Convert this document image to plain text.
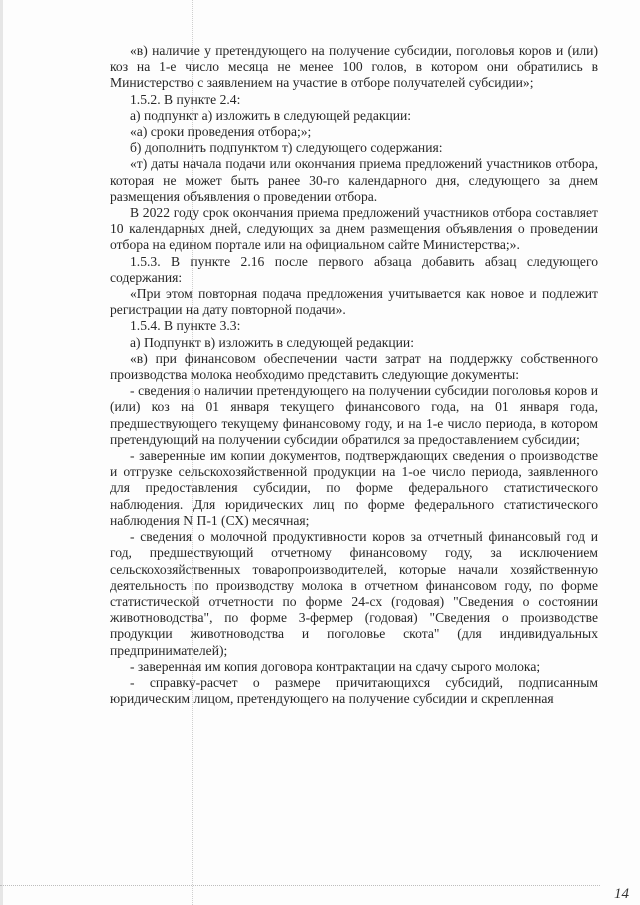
«в) наличие у претендующего на получение субсидии, поголовья коров и (или) коз на 1-е число месяца не менее 100 голов, в котором они обратились в Министерство с заявлением на участие в отборе получателей субсидии»;

1.5.2. В пункте 2.4:

а) подпункт а) изложить в следующей редакции:

«а) сроки проведения отбора;»;

б) дополнить подпунктом т) следующего содержания:

«т) даты начала подачи или окончания приема предложений участников отбора, которая не может быть ранее 30-го календарного дня, следующего за днем размещения объявления о проведении отбора.

В 2022 году срок окончания приема предложений участников отбора составляет 10 календарных дней, следующих за днем размещения объявления о проведении отбора на едином портале или на официальном сайте Министерства;».

1.5.3. В пункте 2.16 после первого абзаца добавить абзац следующего содержания:

«При этом повторная подача предложения учитывается как новое и подлежит регистрации на дату повторной подачи».

1.5.4. В пункте 3.3:

а) Подпункт в) изложить в следующей редакции:

«в) при финансовом обеспечении части затрат на поддержку собственного производства молока необходимо представить следующие документы:

- сведения о наличии претендующего на получении субсидии поголовья коров и (или) коз на 01 января текущего финансового года, на 01 января года, предшествующего текущему финансовому году, и на 1-е число периода, в котором претендующий на получении субсидии обратился за предоставлением субсидии;

- заверенные им копии документов, подтверждающих сведения о производстве и отгрузке сельскохозяйственной продукции на 1-ое число периода, заявленного для предоставления субсидии, по форме федерального статистического наблюдения. Для юридических лиц по форме федерального статистического наблюдения N П-1 (СХ) месячная;

- сведения о молочной продуктивности коров за отчетный финансовый год и год, предшествующий отчетному финансовому году, за исключением сельскохозяйственных товаропроизводителей, которые начали хозяйственную деятельность по производству молока в отчетном финансовом году, по форме статистической отчетности по форме 24-сх (годовая) "Сведения о состоянии животноводства", по форме 3-фермер (годовая) "Сведения о производстве продукции животноводства и поголовье скота" (для индивидуальных предпринимателей);

- заверенная им копия договора контрактации на сдачу сырого молока;

- справку-расчет о размере причитающихся субсидий, подписанным юридическим лицом, претендующего на получение субсидии и скрепленная

14
